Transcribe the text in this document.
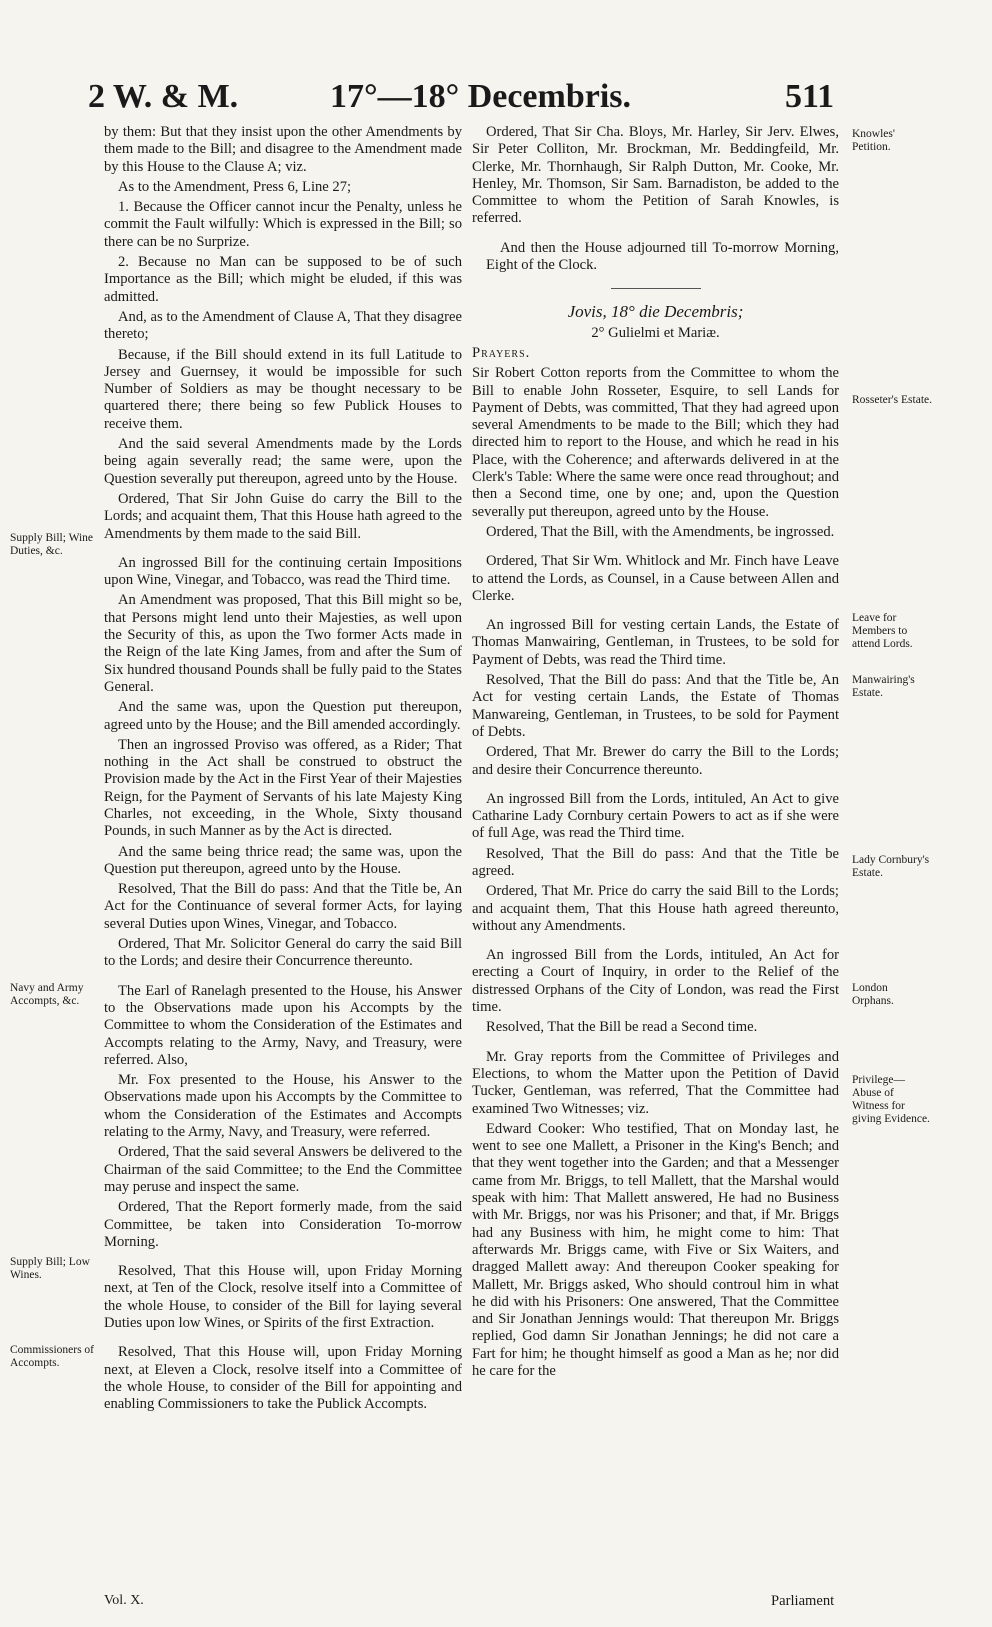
2 W. & M.	17°—18° Decembris.	511

by them: But that they insist upon the other Amendments by them made to the Bill; and disagree to the Amendment made by this House to the Clause A; viz.

As to the Amendment, Press 6, Line 27;

1. Because the Officer cannot incur the Penalty, unless he commit the Fault wilfully: Which is expressed in the Bill; so there can be no Surprize.

2. Because no Man can be supposed to be of such Importance as the Bill; which might be eluded, if this was admitted.

And, as to the Amendment of Clause A, That they disagree thereto;

Because, if the Bill should extend in its full Latitude to Jersey and Guernsey, it would be impossible for such Number of Soldiers as may be thought necessary to be quartered there; there being so few Publick Houses to receive them.

And the said several Amendments made by the Lords being again severally read; the same were, upon the Question severally put thereupon, agreed unto by the House.

Ordered, That Sir John Guise do carry the Bill to the Lords; and acquaint them, That this House hath agreed to the Amendments by them made to the said Bill.

An ingrossed Bill for the continuing certain Impositions upon Wine, Vinegar, and Tobacco, was read the Third time.

An Amendment was proposed, That this Bill might so be, that Persons might lend unto their Majesties, as well upon the Security of this, as upon the Two former Acts made in the Reign of the late King James, from and after the Sum of Six hundred thousand Pounds shall be fully paid to the States General.

And the same was, upon the Question put thereupon, agreed unto by the House; and the Bill amended accordingly.

Then an ingrossed Proviso was offered, as a Rider; That nothing in the Act shall be construed to obstruct the Provision made by the Act in the First Year of their Majesties Reign, for the Payment of Servants of his late Majesty King Charles, not exceeding, in the Whole, Sixty thousand Pounds, in such Manner as by the Act is directed.

And the same being thrice read; the same was, upon the Question put thereupon, agreed unto by the House.

Resolved, That the Bill do pass: And that the Title be, An Act for the Continuance of several former Acts, for laying several Duties upon Wines, Vinegar, and Tobacco.

Ordered, That Mr. Solicitor General do carry the said Bill to the Lords; and desire their Concurrence thereunto.

The Earl of Ranelagh presented to the House, his Answer to the Observations made upon his Accompts by the Committee to whom the Consideration of the Estimates and Accompts relating to the Army, Navy, and Treasury, were referred. Also,

Mr. Fox presented to the House, his Answer to the Observations made upon his Accompts by the Committee to whom the Consideration of the Estimates and Accompts relating to the Army, Navy, and Treasury, were referred.

Ordered, That the said several Answers be delivered to the Chairman of the said Committee; to the End the Committee may peruse and inspect the same.

Ordered, That the Report formerly made, from the said Committee, be taken into Consideration To-morrow Morning.

Resolved, That this House will, upon Friday Morning next, at Ten of the Clock, resolve itself into a Committee of the whole House, to consider of the Bill for laying several Duties upon low Wines, or Spirits of the first Extraction.

Resolved, That this House will, upon Friday Morning next, at Eleven a Clock, resolve itself into a Committee of the whole House, to consider of the Bill for appointing and enabling Commissioners to take the Publick Accompts.

Ordered, That Sir Cha. Bloys, Mr. Harley, Sir Jerv. Elwes, Sir Peter Colliton, Mr. Brockman, Mr. Beddingfeild, Mr. Clerke, Mr. Thornhaugh, Sir Ralph Dutton, Mr. Cooke, Mr. Henley, Mr. Thomson, Sir Sam. Barnadiston, be added to the Committee to whom the Petition of Sarah Knowles, is referred.

And then the House adjourned till To-morrow Morning, Eight of the Clock.

Jovis, 18° die Decembris;

2° Gulielmi et Mariæ.

Prayers.

Sir Robert Cotton reports from the Committee to whom the Bill to enable John Rosseter, Esquire, to sell Lands for Payment of Debts, was committed, That they had agreed upon several Amendments to be made to the Bill; which they had directed him to report to the House, and which he read in his Place, with the Coherence; and afterwards delivered in at the Clerk's Table: Where the same were once read throughout; and then a Second time, one by one; and, upon the Question severally put thereupon, agreed unto by the House.

Ordered, That the Bill, with the Amendments, be ingrossed.

Ordered, That Sir Wm. Whitlock and Mr. Finch have Leave to attend the Lords, as Counsel, in a Cause between Allen and Clerke.

An ingrossed Bill for vesting certain Lands, the Estate of Thomas Manwairing, Gentleman, in Trustees, to be sold for Payment of Debts, was read the Third time.

Resolved, That the Bill do pass: And that the Title be, An Act for vesting certain Lands, the Estate of Thomas Manwareing, Gentleman, in Trustees, to be sold for Payment of Debts.

Ordered, That Mr. Brewer do carry the Bill to the Lords; and desire their Concurrence thereunto.

An ingrossed Bill from the Lords, intituled, An Act to give Catharine Lady Cornbury certain Powers to act as if she were of full Age, was read the Third time.

Resolved, That the Bill do pass: And that the Title be agreed.

Ordered, That Mr. Price do carry the said Bill to the Lords; and acquaint them, That this House hath agreed thereunto, without any Amendments.

An ingrossed Bill from the Lords, intituled, An Act for erecting a Court of Inquiry, in order to the Relief of the distressed Orphans of the City of London, was read the First time.

Resolved, That the Bill be read a Second time.

Mr. Gray reports from the Committee of Privileges and Elections, to whom the Matter upon the Petition of David Tucker, Gentleman, was referred, That the Committee had examined Two Witnesses; viz.

Edward Cooker: Who testified, That on Monday last, he went to see one Mallett, a Prisoner in the King's Bench; and that they went together into the Garden; and that a Messenger came from Mr. Briggs, to tell Mallett, that the Marshal would speak with him: That Mallett answered, He had no Business with Mr. Briggs, nor was his Prisoner; and that, if Mr. Briggs had any Business with him, he might come to him: That afterwards Mr. Briggs came, with Five or Six Waiters, and dragged Mallett away: And thereupon Cooker speaking for Mallett, Mr. Briggs asked, Who should controul him in what he did with his Prisoners: One answered, That the Committee and Sir Jonathan Jennings would: That thereupon Mr. Briggs replied, God damn Sir Jonathan Jennings; he did not care a Fart for him; he thought himself as good a Man as he; nor did he care for the

Knowles' Petition.
Supply Bill; Wine Duties, &c.
Navy and Army Accompts, &c.
Supply Bill; Low Wines.
Commissioners of Accompts.
Rosseter's Estate.
Leave for Members to attend Lords.
Manwairing's Estate.
Lady Cornbury's Estate.
London Orphans.
Privilege— Abuse of Witness for giving Evidence.
Vol. X.	Parliament
